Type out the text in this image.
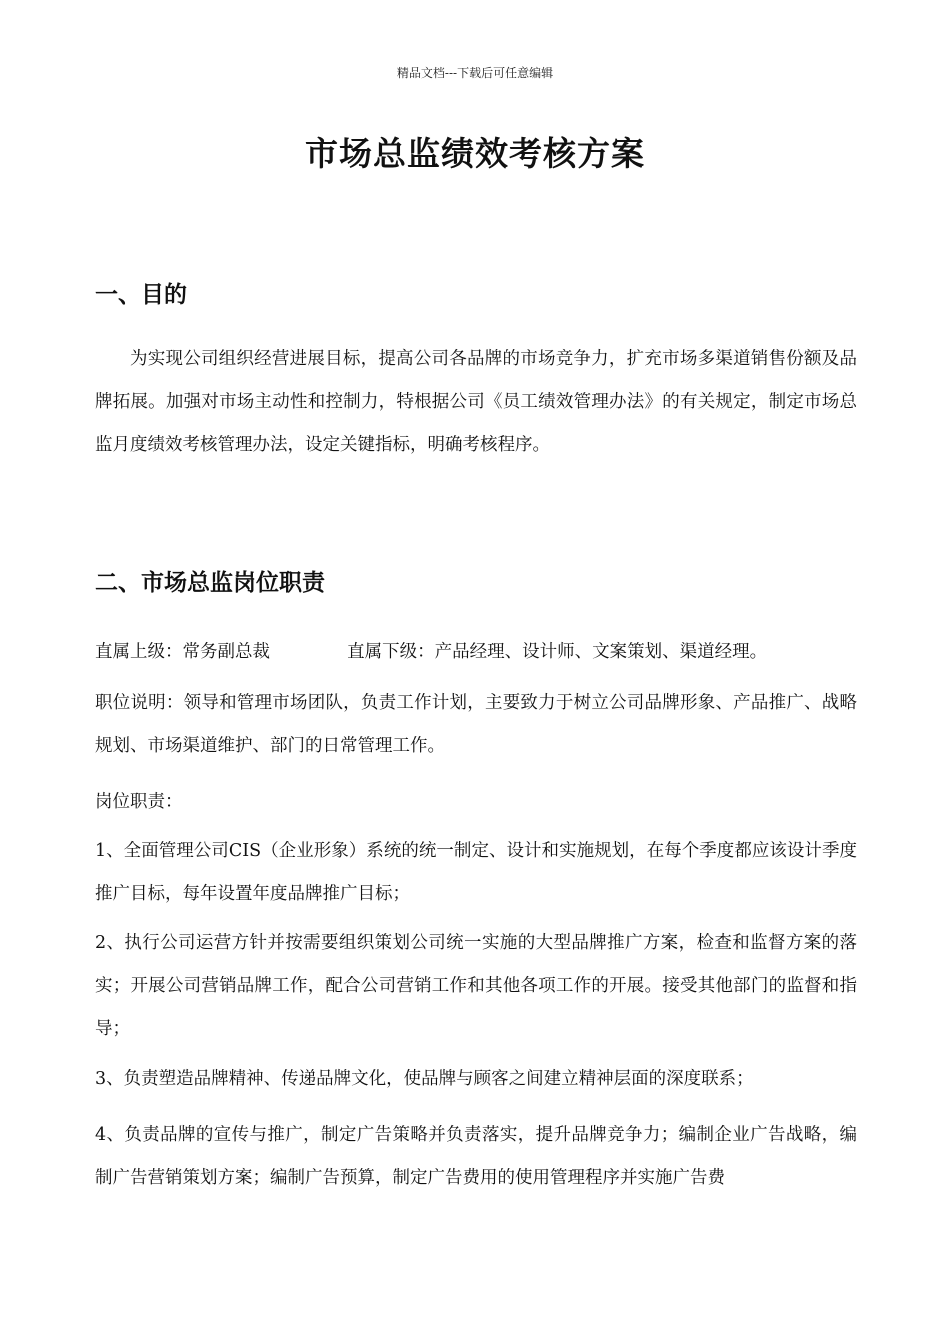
精品文档---下载后可任意编辑
市场总监绩效考核方案
一、目的
为实现公司组织经营进展目标，提高公司各品牌的市场竞争力，扩充市场多渠道销售份额及品牌拓展。加强对市场主动性和控制力，特根据公司《员工绩效管理办法》的有关规定，制定市场总监月度绩效考核管理办法，设定关键指标，明确考核程序。
二、市场总监岗位职责
直属上级：常务副总裁	直属下级：产品经理、设计师、文案策划、渠道经理。
职位说明：领导和管理市场团队，负责工作计划，主要致力于树立公司品牌形象、产品推广、战略规划、市场渠道维护、部门的日常管理工作。
岗位职责：
1、全面管理公司CIS（企业形象）系统的统一制定、设计和实施规划，在每个季度都应该设计季度推广目标，每年设置年度品牌推广目标；
2、执行公司运营方针并按需要组织策划公司统一实施的大型品牌推广方案，检查和监督方案的落实；开展公司营销品牌工作，配合公司营销工作和其他各项工作的开展。接受其他部门的监督和指导；
3、负责塑造品牌精神、传递品牌文化，使品牌与顾客之间建立精神层面的深度联系；
4、负责品牌的宣传与推广，制定广告策略并负责落实，提升品牌竞争力；编制企业广告战略，编制广告营销策划方案；编制广告预算，制定广告费用的使用管理程序并实施广告费
